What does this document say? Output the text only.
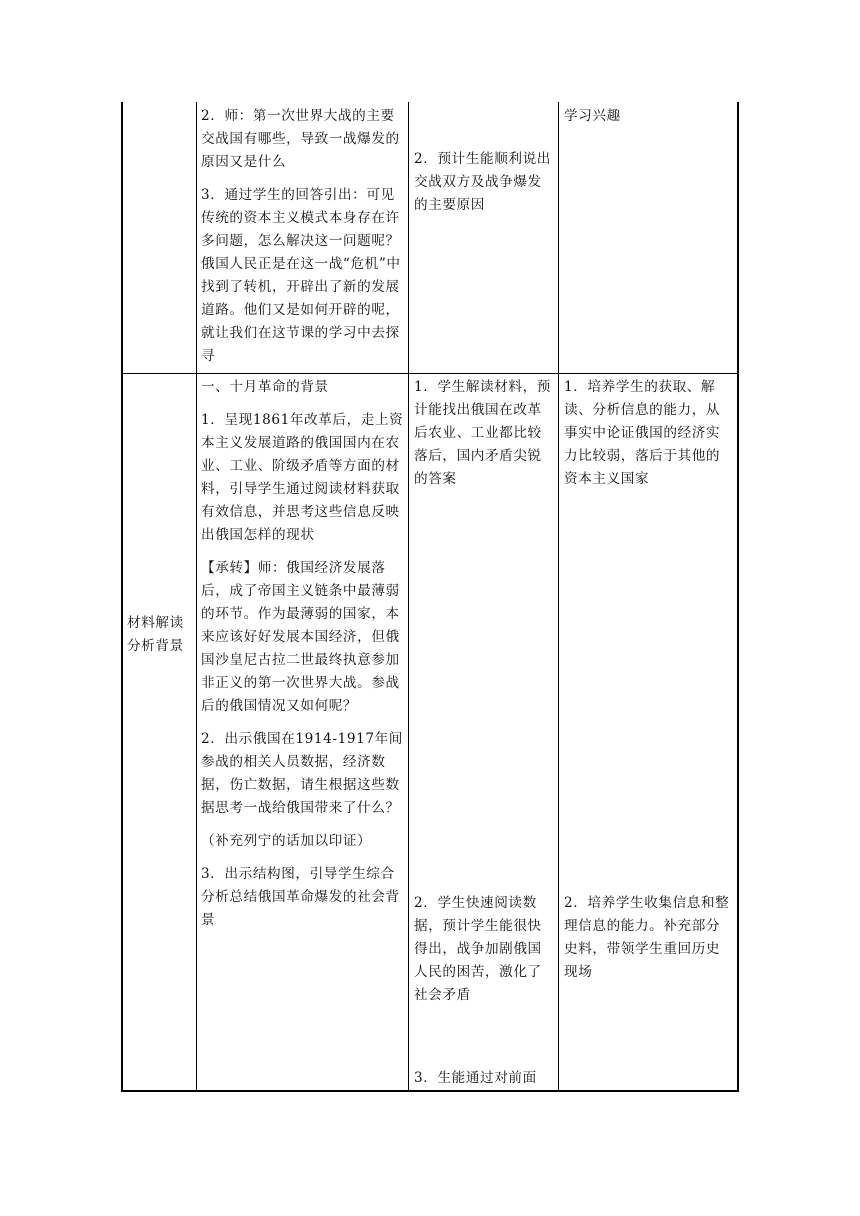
2．师：第一次世界大战的主要交战国有哪些，导致一战爆发的原因又是什么

3．通过学生的回答引出：可见传统的资本主义模式本身存在许多问题，怎么解决这一问题呢？俄国人民正是在这一战“危机”中找到了转机，开辟出了新的发展道路。他们又是如何开辟的呢，就让我们在这节课的学习中去探寻

2．预计生能顺利说出交战双方及战争爆发的主要原因

学习兴趣

材料解读分析背景

一、十月革命的背景

1．呈现1861年改革后，走上资本主义发展道路的俄国国内在农业、工业、阶级矛盾等方面的材料，引导学生通过阅读材料获取有效信息，并思考这些信息反映出俄国怎样的现状

【承转】师：俄国经济发展落后，成了帝国主义链条中最薄弱的环节。作为最薄弱的国家，本来应该好好发展本国经济，但俄国沙皇尼古拉二世最终执意参加非正义的第一次世界大战。参战后的俄国情况又如何呢？

2．出示俄国在1914-1917年间参战的相关人员数据，经济数据，伤亡数据，请生根据这些数据思考一战给俄国带来了什么？

（补充列宁的话加以印证）

3．出示结构图，引导学生综合分析总结俄国革命爆发的社会背景

1．学生解读材料，预计能找出俄国在改革后农业、工业都比较落后，国内矛盾尖锐的答案

2．学生快速阅读数据，预计学生能很快得出，战争加剧俄国人民的困苦，激化了社会矛盾

3．生能通过对前面

1．培养学生的获取、解读、分析信息的能力，从事实中论证俄国的经济实力比较弱，落后于其他的资本主义国家

2．培养学生收集信息和整理信息的能力。补充部分史料，带领学生重回历史现场
